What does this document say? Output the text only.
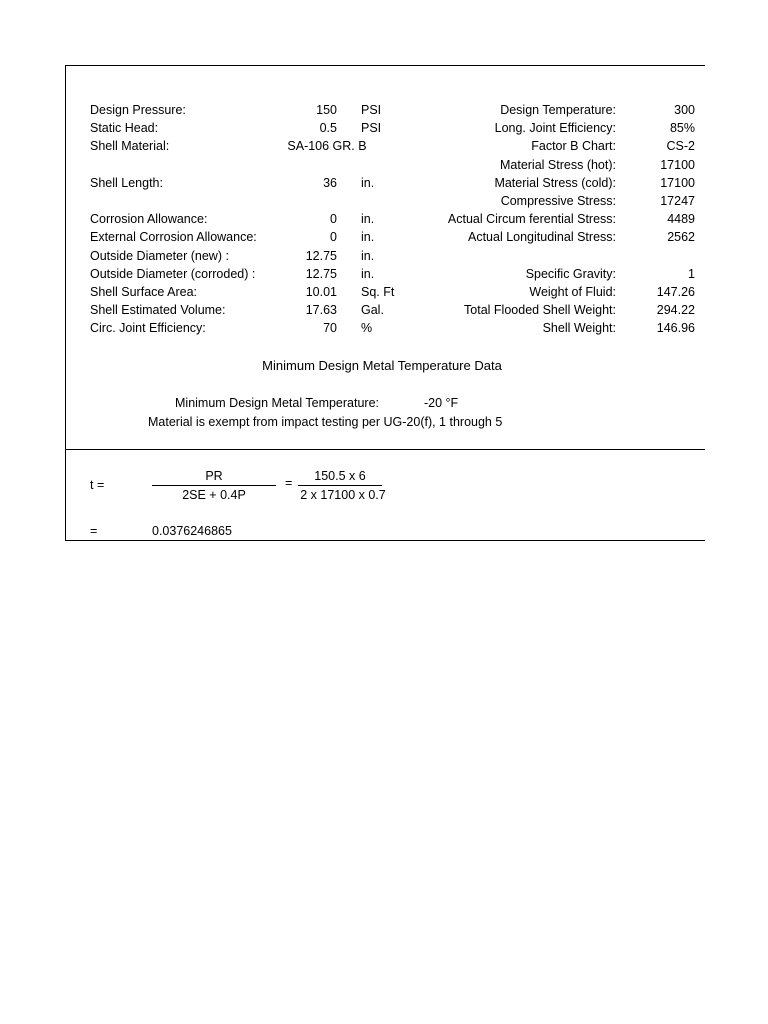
Design Pressure:	150 PSI
Static Head:	0.5 PSI
Shell Material:	SA-106 GR. B
Shell Length:	36 in.
Corrosion Allowance:	0 in.
External Corrosion Allowance:	0 in.
Outside Diameter (new) :	12.75 in.
Outside Diameter (corroded) :	12.75 in.
Shell Surface Area:	10.01 Sq. Ft
Shell Estimated Volume:	17.63 Gal.
Circ. Joint Efficiency:	70 %
Design Temperature:	300
Long. Joint Efficiency:	85%
Factor B Chart:	CS-2
Material Stress (hot):	17100
Material Stress (cold):	17100
Compressive Stress:	17247
Actual Circum ferential Stress:	4489
Actual Longitudinal Stress:	2562
Specific Gravity:	1
Weight of Fluid:	147.26
Total Flooded Shell Weight:	294.22
Shell Weight:	146.96
Minimum Design Metal Temperature Data
Minimum Design Metal Temperature:	-20 °F
Material is exempt from impact testing per UG-20(f), 1 through 5
t =
PR
2SE + 0.4P
=	150.5 x 6
2 x 17100 x 0.7
=	0.0376246865
